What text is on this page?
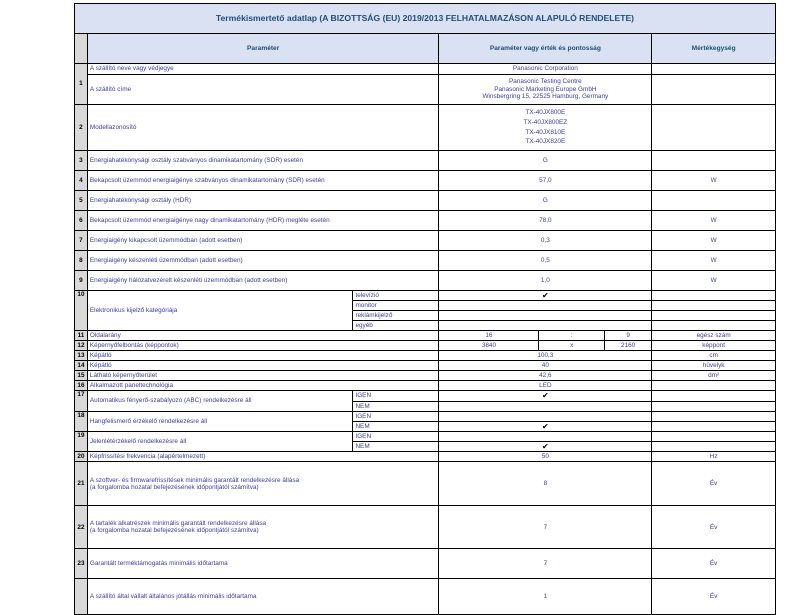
Termékismertető adatlap (A BIZOTTSÁG (EU) 2019/2013 FELHATALMAZÁSON ALAPULÓ RENDELETE)						
	Paraméter		Paraméter vagy érték és pontosság			Mértékegység
1	A szállító neve vagy védjegye		Panasonic Corporation			
	A szállító címe		Panasonic Testing Centre
Panasonic Marketing Europe GmbH
Winsbergring 15, 22525 Hamburg, Germany			

2	Modellazonosító		TX-40JX800E
TX-40JX800EZ
TX-40JX810E
TX-40JX820E			

3	Energiahatékonysági osztály szabványos dinamikatartomány (SDR) esetén		G			
4	Bekapcsolt üzemmód energiaigénye szabványos dinamikatartomány (SDR) esetén		57,0			W
5	Energiahatékonysági osztály (HDR)		G			
6	Bekapcsolt üzemmód energiaigénye nagy dinamikatartomány (HDR) megléte esetén		78,0			W
7	Energiaigény kikapcsolt üzemmódban (adott esetben)		0,3			W
8	Energiaigény készenléti üzemmódban (adott esetben)		0,5			W
9	Energiaigény hálózatvezérelt készenléti üzemmódban (adott esetben)		1,0			W
10	Elektronikus kijelző kategóriája	televízió	✔			
		monitor				
		reklámkijelző				
		egyéb				
11	Oldalarány		16	:	9	egész szám
12	Képernyőfelbontás (képpontok)		3840	x	2160	képpont
13	Képátló		100,3			cm
14	Képátló		40			hüvelyk
15	Látható képernyőterület		42,6			dm²
16	Alkalmazott paneltechnológia		LED			
17	Automatikus fényerő-szabályozó (ABC) rendelkezésre áll	IGEN	✔			
		NEM				
18	Hangfelismerő érzékelő rendelkezésre áll	IGEN				
		NEM	✔			
19	Jelenlétérzékelő rendelkezésre áll	IGEN				
		NEM	✔			
20	Képfrissítési frekvencia (alapértelmezett)		50			Hz
21	A szoftver- és firmwarefrissítések minimális garantált rendelkezésre állása
(a forgalomba hozatal befejezésének időpontjától számítva)		8			Év
22	A tartalék alkatrészek minimális garantált rendelkezésre állása
(a forgalomba hozatal befejezésének időpontjától számítva)		7			Év
23	Garantált terméktámogatás minimális időtartama		7			Év
	A szállító által vállalt általános jótállás minimális időtartama		1			Év
